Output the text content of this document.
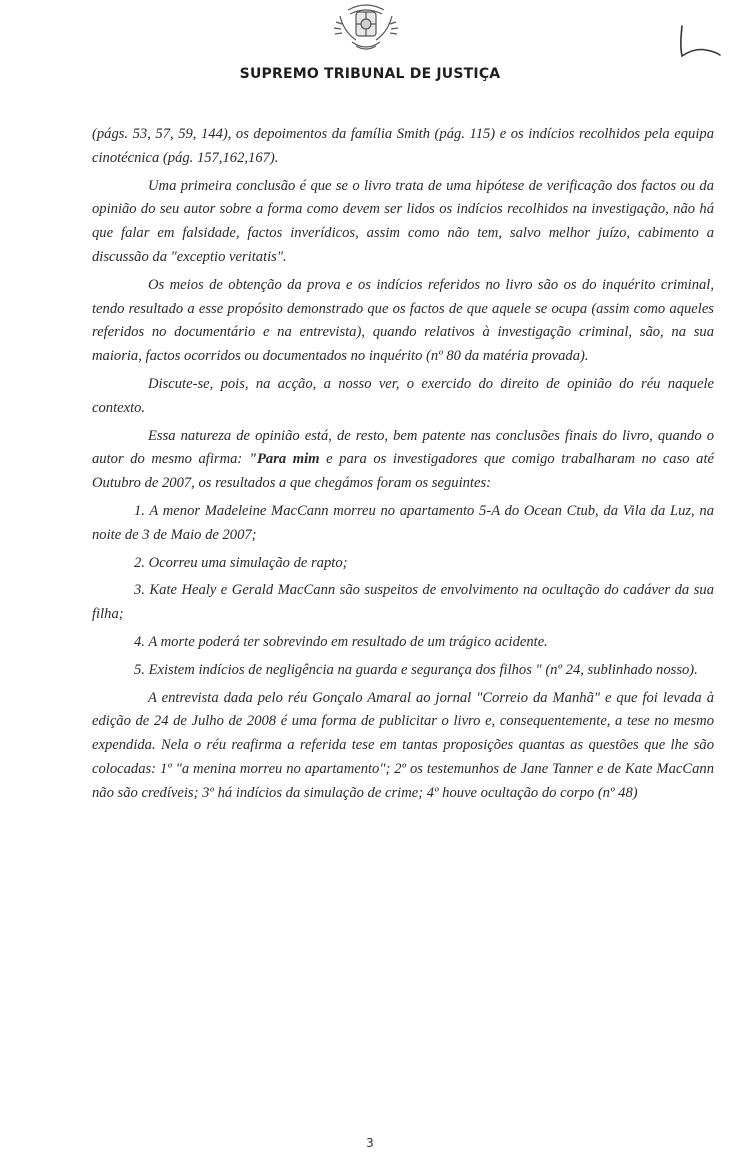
SUPREMO TRIBUNAL DE JUSTIÇA

(págs. 53, 57, 59, 144), os depoimentos da família Smith (pág. 115) e os indícios recolhidos pela equipa cinotécnica (pág. 157,162,167).

Uma primeira conclusão é que se o livro trata de uma hipótese de verificação dos factos ou da opinião do seu autor sobre a forma como devem ser lidos os indícios recolhidos na investigação, não há que falar em falsidade, factos inverídicos, assim como não tem, salvo melhor juízo, cabimento a discussão da "exceptio veritatis".

Os meios de obtenção da prova e os indícios referidos no livro são os do inquérito criminal, tendo resultado a esse propósito demonstrado que os factos de que aquele se ocupa (assim como aqueles referidos no documentário e na entrevista), quando relativos à investigação criminal, são, na sua maioria, factos ocorridos ou documentados no inquérito (nº 80 da matéria provada).

Discute-se, pois, na acção, a nosso ver, o exercido do direito de opinião do réu naquele contexto.

Essa natureza de opinião está, de resto, bem patente nas conclusões finais do livro, quando o autor do mesmo afirma: "Para mim e para os investigadores que comigo trabalharam no caso até Outubro de 2007, os resultados a que chegámos foram os seguintes:

1. A menor Madeleine MacCann morreu no apartamento 5-A do Ocean Ctub, da Vila da Luz, na noite de 3 de Maio de 2007;

2. Ocorreu uma simulação de rapto;

3. Kate Healy e Gerald MacCann são suspeitos de envolvimento na ocultação do cadáver da sua filha;

4. A morte poderá ter sobrevindo em resultado de um trágico acidente.

5. Existem indícios de negligência na guarda e segurança dos filhos " (nº 24, sublinhado nosso).

A entrevista dada pelo réu Gonçalo Amaral ao jornal "Correio da Manhã" e que foi levada à edição de 24 de Julho de 2008 é uma forma de publicitar o livro e, consequentemente, a tese no mesmo expendida. Nela o réu reafirma a referida tese em tantas proposições quantas as questões que lhe são colocadas: 1º "a menina morreu no apartamento"; 2º os testemunhos de Jane Tanner e de Kate MacCann não são credíveis; 3º há indícios da simulação de crime; 4º houve ocultação do corpo (nº 48)

3
